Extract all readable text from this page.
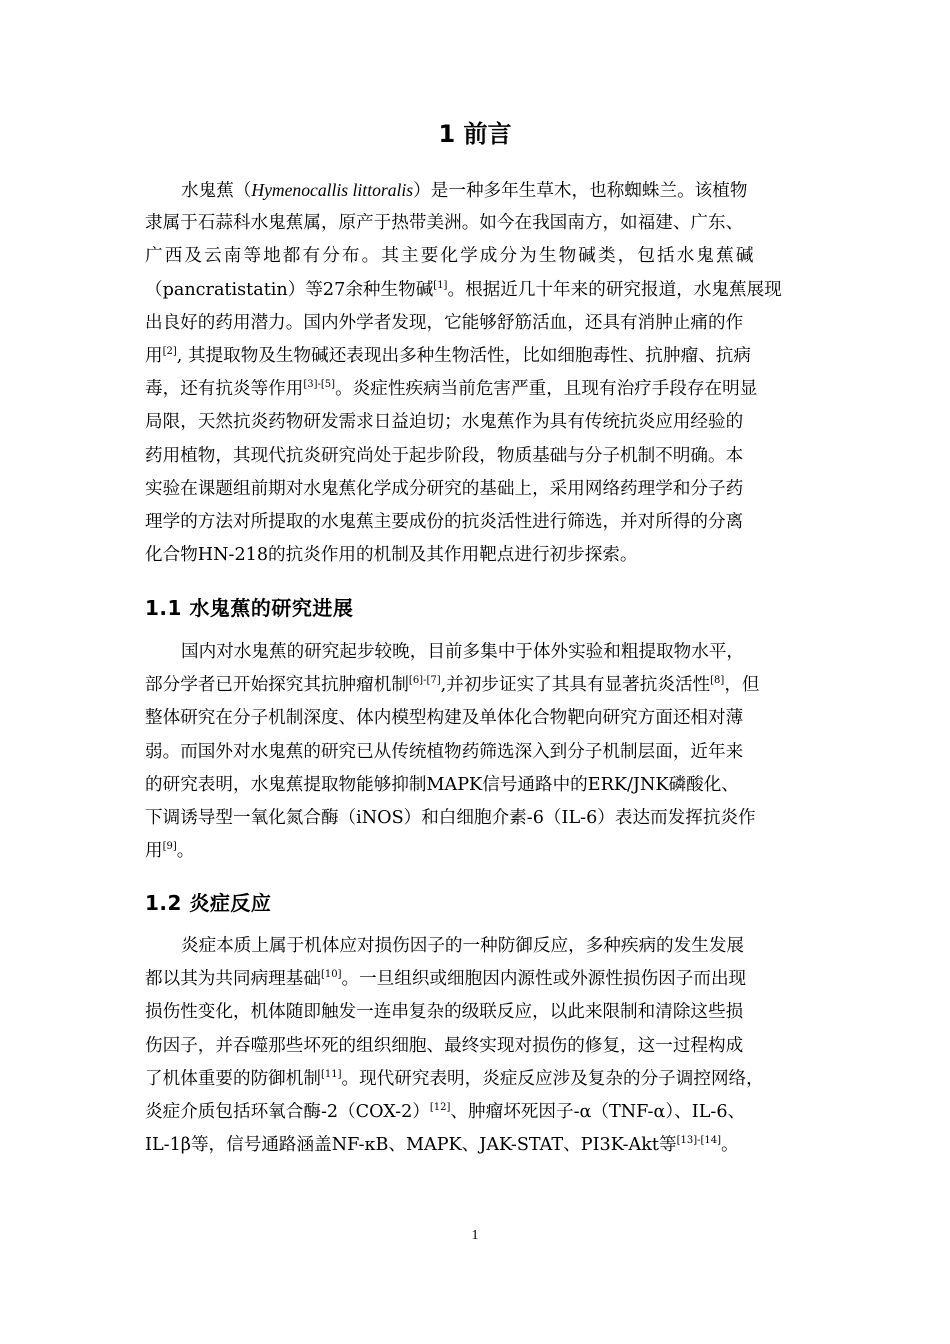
1 前言
水鬼蕉（Hymenocallis littoralis）是一种多年生草木，也称蜘蛛兰。该植物
隶属于石蒜科水鬼蕉属，原产于热带美洲。如今在我国南方，如福建、广东、
广西及云南等地都有分布。其主要化学成分为生物碱类，包括水鬼蕉碱
（pancratistatin）等27余种生物碱[1]。根据近几十年来的研究报道，水鬼蕉展现
出良好的药用潜力。国内外学者发现，它能够舒筋活血，还具有消肿止痛的作
用[2], 其提取物及生物碱还表现出多种生物活性，比如细胞毒性、抗肿瘤、抗病
毒，还有抗炎等作用[3]-[5]。炎症性疾病当前危害严重，且现有治疗手段存在明显
局限，天然抗炎药物研发需求日益迫切；水鬼蕉作为具有传统抗炎应用经验的
药用植物，其现代抗炎研究尚处于起步阶段，物质基础与分子机制不明确。本
实验在课题组前期对水鬼蕉化学成分研究的基础上，采用网络药理学和分子药
理学的方法对所提取的水鬼蕉主要成份的抗炎活性进行筛选，并对所得的分离
化合物HN-218的抗炎作用的机制及其作用靶点进行初步探索。
1.1 水鬼蕉的研究进展
国内对水鬼蕉的研究起步较晚，目前多集中于体外实验和粗提取物水平，
部分学者已开始探究其抗肿瘤机制[6]-[7],并初步证实了其具有显著抗炎活性[8]，但
整体研究在分子机制深度、体内模型构建及单体化合物靶向研究方面还相对薄
弱。而国外对水鬼蕉的研究已从传统植物药筛选深入到分子机制层面，近年来
的研究表明，水鬼蕉提取物能够抑制MAPK信号通路中的ERK/JNK磷酸化、
下调诱导型一氧化氮合酶（iNOS）和白细胞介素-6（IL-6）表达而发挥抗炎作
用[9]。
1.2 炎症反应
炎症本质上属于机体应对损伤因子的一种防御反应，多种疾病的发生发展
都以其为共同病理基础[10]。一旦组织或细胞因内源性或外源性损伤因子而出现
损伤性变化，机体随即触发一连串复杂的级联反应，以此来限制和清除这些损
伤因子，并吞噬那些坏死的组织细胞、最终实现对损伤的修复，这一过程构成
了机体重要的防御机制[11]。现代研究表明，炎症反应涉及复杂的分子调控网络，
炎症介质包括环氧合酶-2（COX-2）[12]、肿瘤坏死因子-α（TNF-α）、IL-6、
IL-1β等，信号通路涵盖NF-κB、MAPK、JAK-STAT、PI3K-Akt等[13]-[14]。
1
